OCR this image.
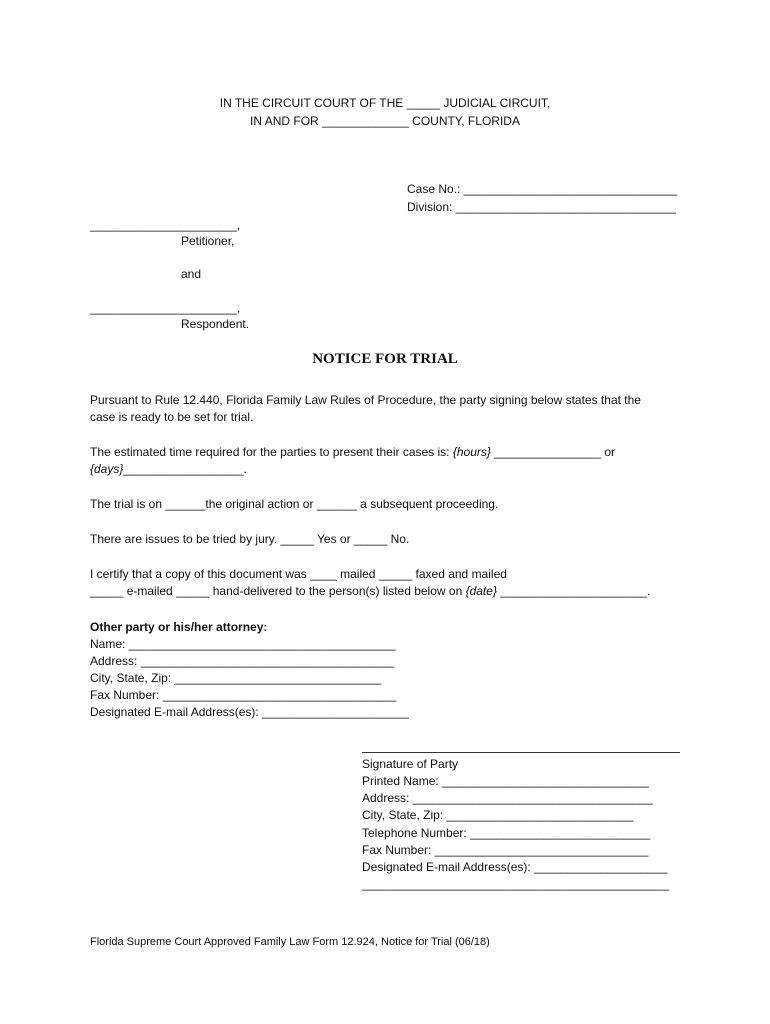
IN THE CIRCUIT COURT OF THE _____ JUDICIAL CIRCUIT,
IN AND FOR _____________ COUNTY, FLORIDA
Case No.: ________________________________
Division: _________________________________
______________________,
Petitioner,
and
______________________,
Respondent.
NOTICE FOR TRIAL
Pursuant to Rule 12.440, Florida Family Law Rules of Procedure, the party signing below states that the
case is ready to be set for trial.
The estimated time required for the parties to present their cases is: {hours} ________________ or
{days}__________________.
The trial is on ______the original action or ______ a subsequent proceeding.
There are issues to be tried by jury. _____ Yes or _____ No.
I certify that a copy of this document was ____ mailed _____ faxed and mailed
_____ e-mailed _____ hand-delivered to the person(s) listed below on {date} ______________________.
Other party or his/her attorney:
Name: ________________________________________
Address: ______________________________________
City, State, Zip: _______________________________
Fax Number: ___________________________________
Designated E-mail Address(es): ______________________
Signature of Party
Printed Name: _______________________________
Address: ____________________________________
City, State, Zip: ____________________________
Telephone Number: ___________________________
Fax Number: ________________________________
Designated E-mail Address(es): ____________________
______________________________________________
Florida Supreme Court Approved Family Law Form 12.924, Notice for Trial (06/18)
